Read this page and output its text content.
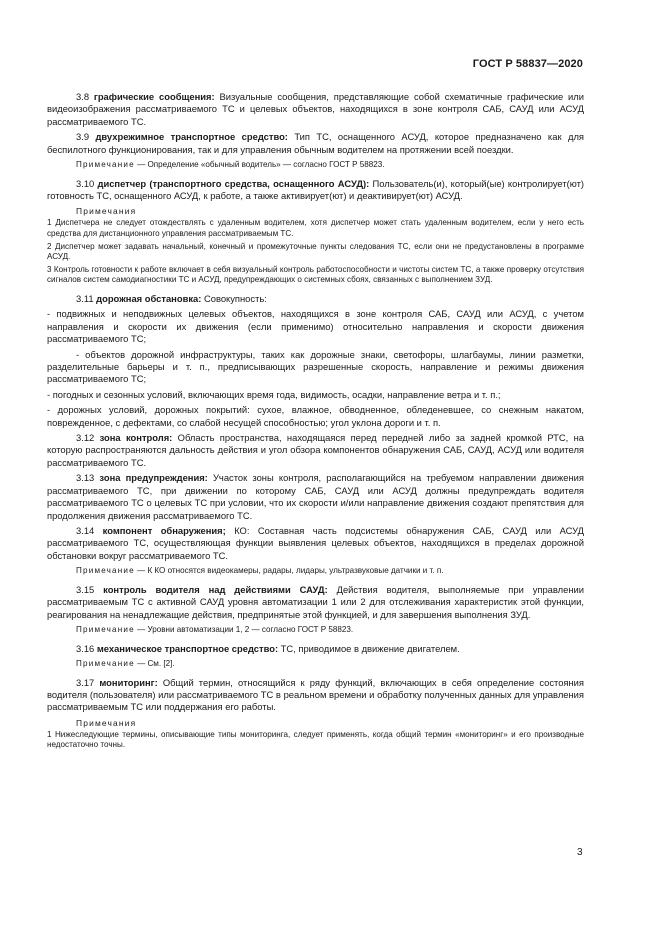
ГОСТ Р 58837—2020

3.8 графические сообщения: Визуальные сообщения, представляющие собой схематичные графические или видеоизображения рассматриваемого ТС и целевых объектов, находящихся в зоне контроля САБ, САУД или АСУД рассматриваемого ТС.

3.9 двухрежимное транспортное средство: Тип ТС, оснащенного АСУД, которое предназначено как для беспилотного функционирования, так и для управления обычным водителем на протяжении всей поездки.

Примечание — Определение «обычный водитель» — согласно ГОСТ Р 58823.

3.10 диспетчер (транспортного средства, оснащенного АСУД): Пользователь(и), который(ые) контролирует(ют) готовность ТС, оснащенного АСУД, к работе, а также активирует(ют) и деактивирует(ют) АСУД.

Примечания

1 Диспетчера не следует отождествлять с удаленным водителем, хотя диспетчер может стать удаленным водителем, если у него есть средства для дистанционного управления рассматриваемым ТС.

2 Диспетчер может задавать начальный, конечный и промежуточные пункты следования ТС, если они не предустановлены в программе АСУД.

3 Контроль готовности к работе включает в себя визуальный контроль работоспособности и чистоты систем ТС, а также проверку отсутствия сигналов систем самодиагностики ТС и АСУД, предупреждающих о системных сбоях, связанных с выполнением ЗУД.

3.11 дорожная обстановка: Совокупность:

- подвижных и неподвижных целевых объектов, находящихся в зоне контроля САБ, САУД или АСУД, с учетом направления и скорости их движения (если применимо) относительно направления и скорости движения рассматриваемого ТС;

- объектов дорожной инфраструктуры, таких как дорожные знаки, светофоры, шлагбаумы, линии разметки, разделительные барьеры и т. п., предписывающих разрешенные скорость, направление и режимы движения рассматриваемого ТС;

- погодных и сезонных условий, включающих время года, видимость, осадки, направление ветра и т. п.;

- дорожных условий, дорожных покрытий: сухое, влажное, обводненное, обледеневшее, со снежным накатом, поврежденное, с дефектами, со слабой несущей способностью; угол уклона дороги и т. п.

3.12 зона контроля: Область пространства, находящаяся перед передней либо за задней кромкой РТС, на которую распространяются дальность действия и угол обзора компонентов обнаружения САБ, САУД, АСУД или водителя рассматриваемого ТС.

3.13 зона предупреждения: Участок зоны контроля, располагающийся на требуемом направлении движения рассматриваемого ТС, при движении по которому САБ, САУД или АСУД должны предупреждать водителя рассматриваемого ТС о целевых ТС при условии, что их скорости и/или направление движения создают препятствия для продолжения движения рассматриваемого ТС.

3.14 компонент обнаружения; КО: Составная часть подсистемы обнаружения САБ, САУД или АСУД рассматриваемого ТС, осуществляющая функции выявления целевых объектов, находящихся в пределах дорожной обстановки вокруг рассматриваемого ТС.

Примечание — К КО относятся видеокамеры, радары, лидары, ультразвуковые датчики и т. п.

3.15 контроль водителя над действиями САУД: Действия водителя, выполняемые при управлении рассматриваемым ТС с активной САУД уровня автоматизации 1 или 2 для отслеживания характеристик этой функции, реагирования на ненадлежащие действия, предпринятые этой функцией, и для завершения выполнения ЗУД.

Примечание — Уровни автоматизации 1, 2 — согласно ГОСТ Р 58823.

3.16 механическое транспортное средство: ТС, приводимое в движение двигателем.

Примечание — См. [2].

3.17 мониторинг: Общий термин, относящийся к ряду функций, включающих в себя определение состояния водителя (пользователя) или рассматриваемого ТС в реальном времени и обработку полученных данных для управления рассматриваемым ТС или поддержания его работы.

Примечания

1 Нижеследующие термины, описывающие типы мониторинга, следует применять, когда общий термин «мониторинг» и его производные недостаточно точны.

3
